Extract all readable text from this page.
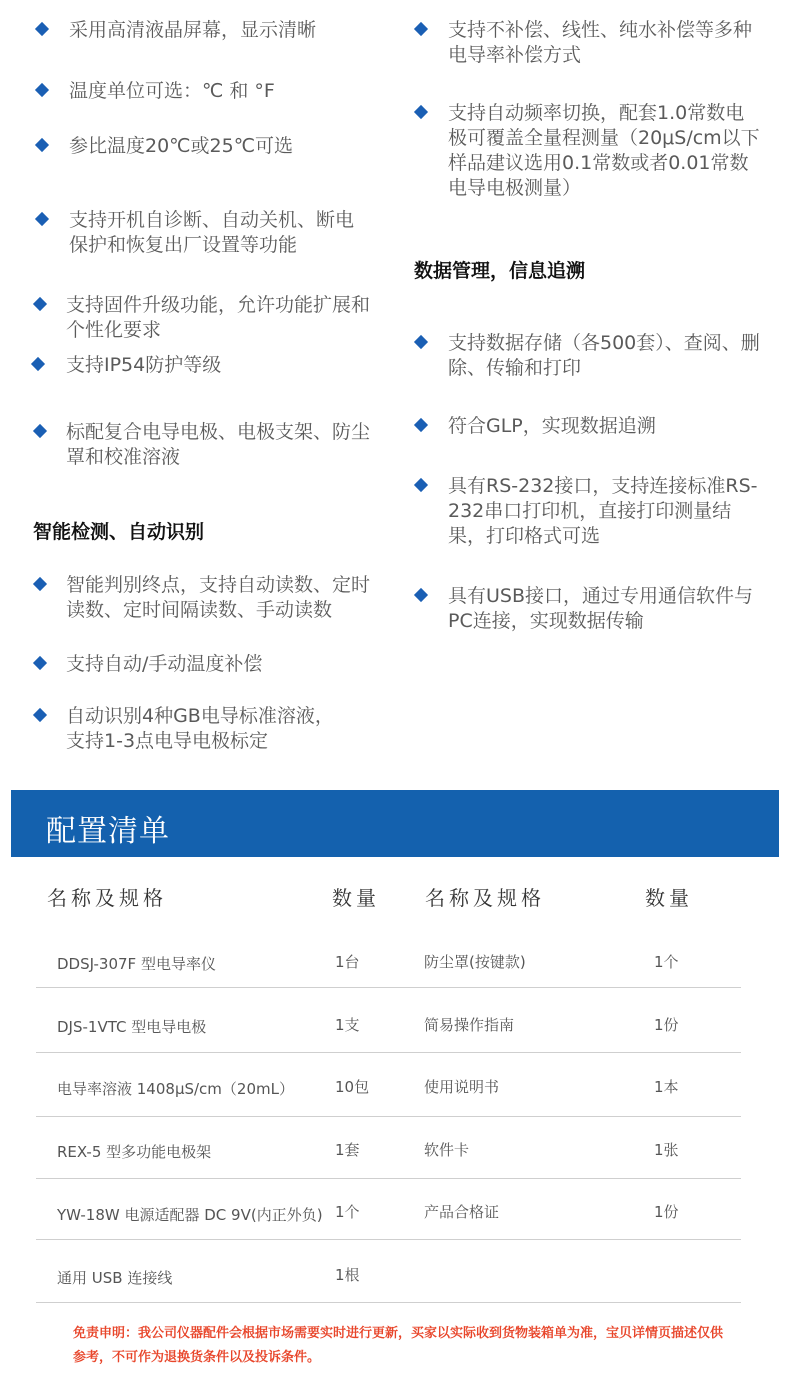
采用高清液晶屏幕，显示清晰
温度单位可选：℃ 和 °F
参比温度20℃或25℃可选
支持开机自诊断、自动关机、断电保护和恢复出厂设置等功能
支持固件升级功能，允许功能扩展和个性化要求
支持IP54防护等级
标配复合电导电极、电极支架、防尘罩和校准溶液
智能检测、自动识别
智能判别终点，支持自动读数、定时读数、定时间隔读数、手动读数
支持自动/手动温度补偿
自动识别4种GB电导标准溶液，支持1-3点电导电极标定
支持不补偿、线性、纯水补偿等多种电导率补偿方式
支持自动频率切换，配套1.0常数电极可覆盖全量程测量（20μS/cm以下样品建议选用0.1常数或者0.01常数电导电极测量）
数据管理，信息追溯
支持数据存储（各500套）、查阅、删除、传输和打印
符合GLP，实现数据追溯
具有RS-232接口，支持连接标准RS-232串口打印机，直接打印测量结果，打印格式可选
具有USB接口，通过专用通信软件与PC连接，实现数据传输
配置清单
名称及规格	数量 名称及规格	数量
DDSJ-307F 型电导率仪	1台	防尘罩(按键款)	1个
DJS-1VTC 型电导电极	1支	简易操作指南	1份
电导率溶液 1408μS/cm（20mL）	10包	使用说明书	1本
REX-5 型多功能电极架	1套	软件卡	1张
YW-18W 电源适配器 DC 9V(内正外负) 1个	产品合格证	1份
通用 USB 连接线	1根
免责申明：我公司仪器配件会根据市场需要实时进行更新，买家以实际收到货物装箱单为准，宝贝详情页描述仅供参考，不可作为退换货条件以及投诉条件。
